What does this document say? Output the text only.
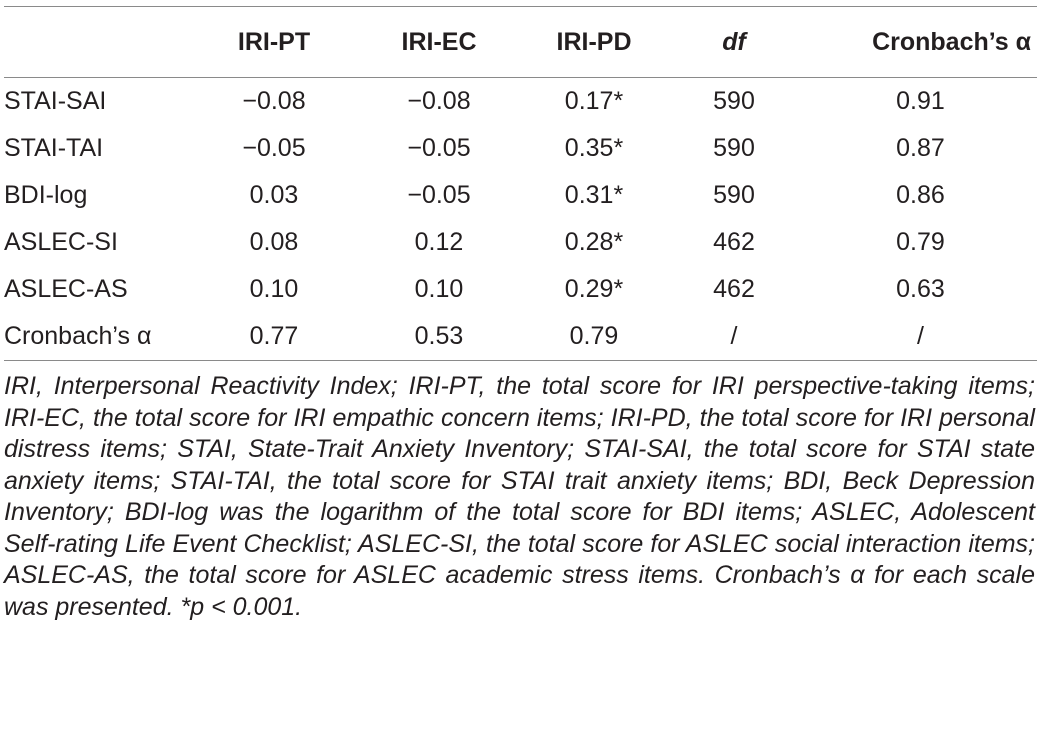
	IRI-PT	IRI-EC	IRI-PD	df	Cronbach’s α

STAI-SAI	−0.08	−0.08	0.17*	590	0.91
STAI-TAI	−0.05	−0.05	0.35*	590	0.87
BDI-log	0.03	−0.05	0.31*	590	0.86
ASLEC-SI	0.08	0.12	0.28*	462	0.79
ASLEC-AS	0.10	0.10	0.29*	462	0.63
Cronbach’s α	0.77	0.53	0.79	/	/
IRI, Interpersonal Reactivity Index; IRI-PT, the total score for IRI perspective-taking items; IRI-EC, the total score for IRI empathic concern items; IRI-PD, the total score for IRI personal distress items; STAI, State-Trait Anxiety Inventory; STAI-SAI, the total score for STAI state anxiety items; STAI-TAI, the total score for STAI trait anxiety items; BDI, Beck Depression Inventory; BDI-log was the logarithm of the total score for BDI items; ASLEC, Adolescent Self-rating Life Event Checklist; ASLEC-SI, the total score for ASLEC social interaction items; ASLEC-AS, the total score for ASLEC academic stress items. Cronbach’s α for each scale was presented. *p < 0.001.
